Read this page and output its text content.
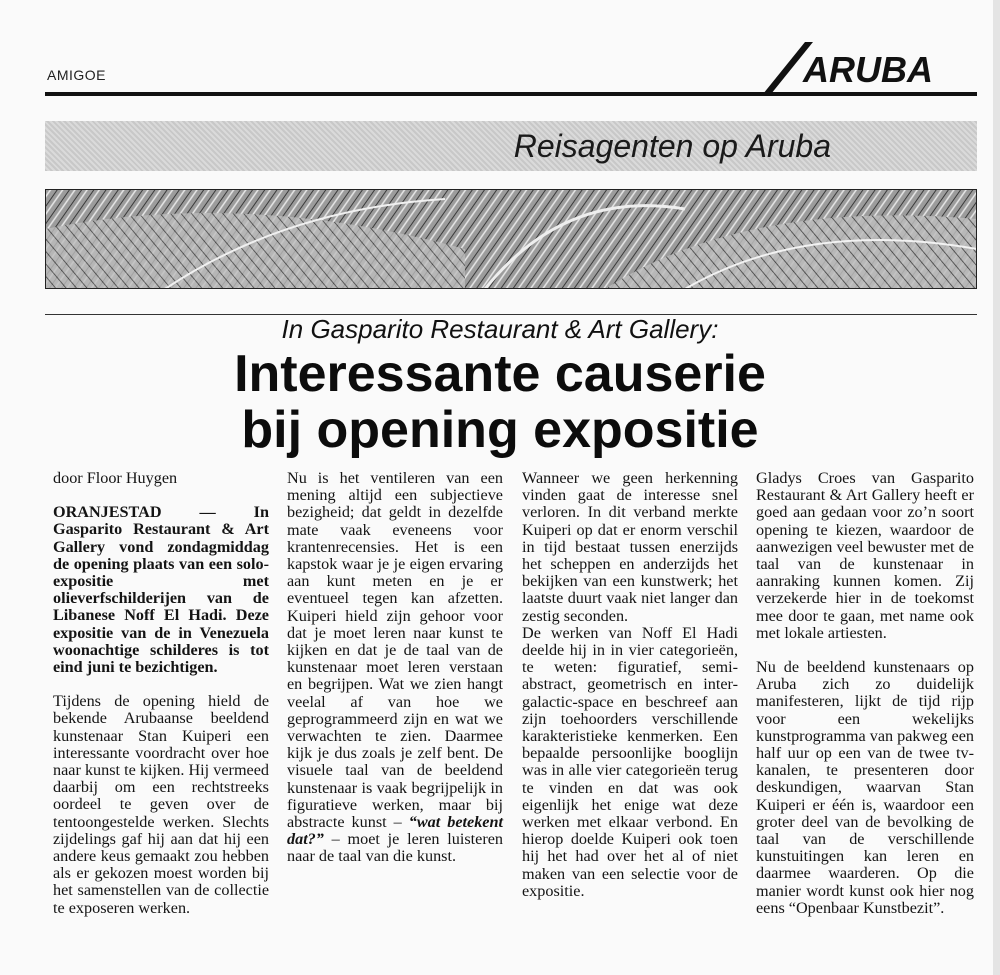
AMIGOE	ARUBA
Reisagenten op Aruba
In Gasparito Restaurant & Art Gallery:
Interessante causerie
bij opening expositie

door Floor Huygen

ORANJESTAD — In Gasparito Restaurant & Art Gallery vond zondagmiddag de opening plaats van een solo-expositie met olieverfschilderijen van de Libanese Noff El Hadi. Deze expositie van de in Venezuela woonachtige schilderes is tot eind juni te bezichtigen.

Tijdens de opening hield de bekende Arubaanse beeldend kunstenaar Stan Kuiperi een interessante voordracht over hoe naar kunst te kijken. Hij vermeed daarbij om een rechtstreeks oordeel te geven over de tentoongestelde werken. Slechts zijdelings gaf hij aan dat hij een andere keus gemaakt zou hebben als er gekozen moest worden bij het samenstellen van de collectie te exposeren werken.

Nu is het ventileren van een mening altijd een subjectieve bezigheid; dat geldt in dezelfde mate vaak eveneens voor krantenrecensies. Het is een kapstok waar je je eigen ervaring aan kunt meten en je er eventueel tegen kan afzetten. Kuiperi hield zijn gehoor voor dat je moet leren naar kunst te kijken en dat je de taal van de kunstenaar moet leren verstaan en begrijpen. Wat we zien hangt veelal af van hoe we geprogrammeerd zijn en wat we verwachten te zien. Daarmee kijk je dus zoals je zelf bent. De visuele taal van de beeldend kunstenaar is vaak begrijpelijk in figuratieve werken, maar bij abstracte kunst – “wat betekent dat?” – moet je leren luisteren naar de taal van die kunst.

Wanneer we geen herkenning vinden gaat de interesse snel verloren. In dit verband merkte Kuiperi op dat er enorm verschil in tijd bestaat tussen enerzijds het scheppen en anderzijds het bekijken van een kunstwerk; het laatste duurt vaak niet langer dan zestig seconden.

De werken van Noff El Hadi deelde hij in in vier categorieën, te weten: figuratief, semi-abstract, geometrisch en inter-galactic-space en beschreef aan zijn toehoorders verschillende karakteristieke kenmerken. Een bepaalde persoonlijke booglijn was in alle vier categorieën terug te vinden en dat was ook eigenlijk het enige wat deze werken met elkaar verbond. En hierop doelde Kuiperi ook toen hij het had over het al of niet maken van een selectie voor de expositie.

Gladys Croes van Gasparito Restaurant & Art Gallery heeft er goed aan gedaan voor zo’n soort opening te kiezen, waardoor de aanwezigen veel bewuster met de taal van de kunstenaar in aanraking kunnen komen. Zij verzekerde hier in de toekomst mee door te gaan, met name ook met lokale artiesten.

Nu de beeldend kunstenaars op Aruba zich zo duidelijk manifesteren, lijkt de tijd rijp voor een wekelijks kunstprogramma van pakweg een half uur op een van de twee tv-kanalen, te presenteren door deskundigen, waarvan Stan Kuiperi er één is, waardoor een groter deel van de bevolking de taal van de verschillende kunstuitingen kan leren en daarmee waarderen. Op die manier wordt kunst ook hier nog eens “Openbaar Kunstbezit”.
